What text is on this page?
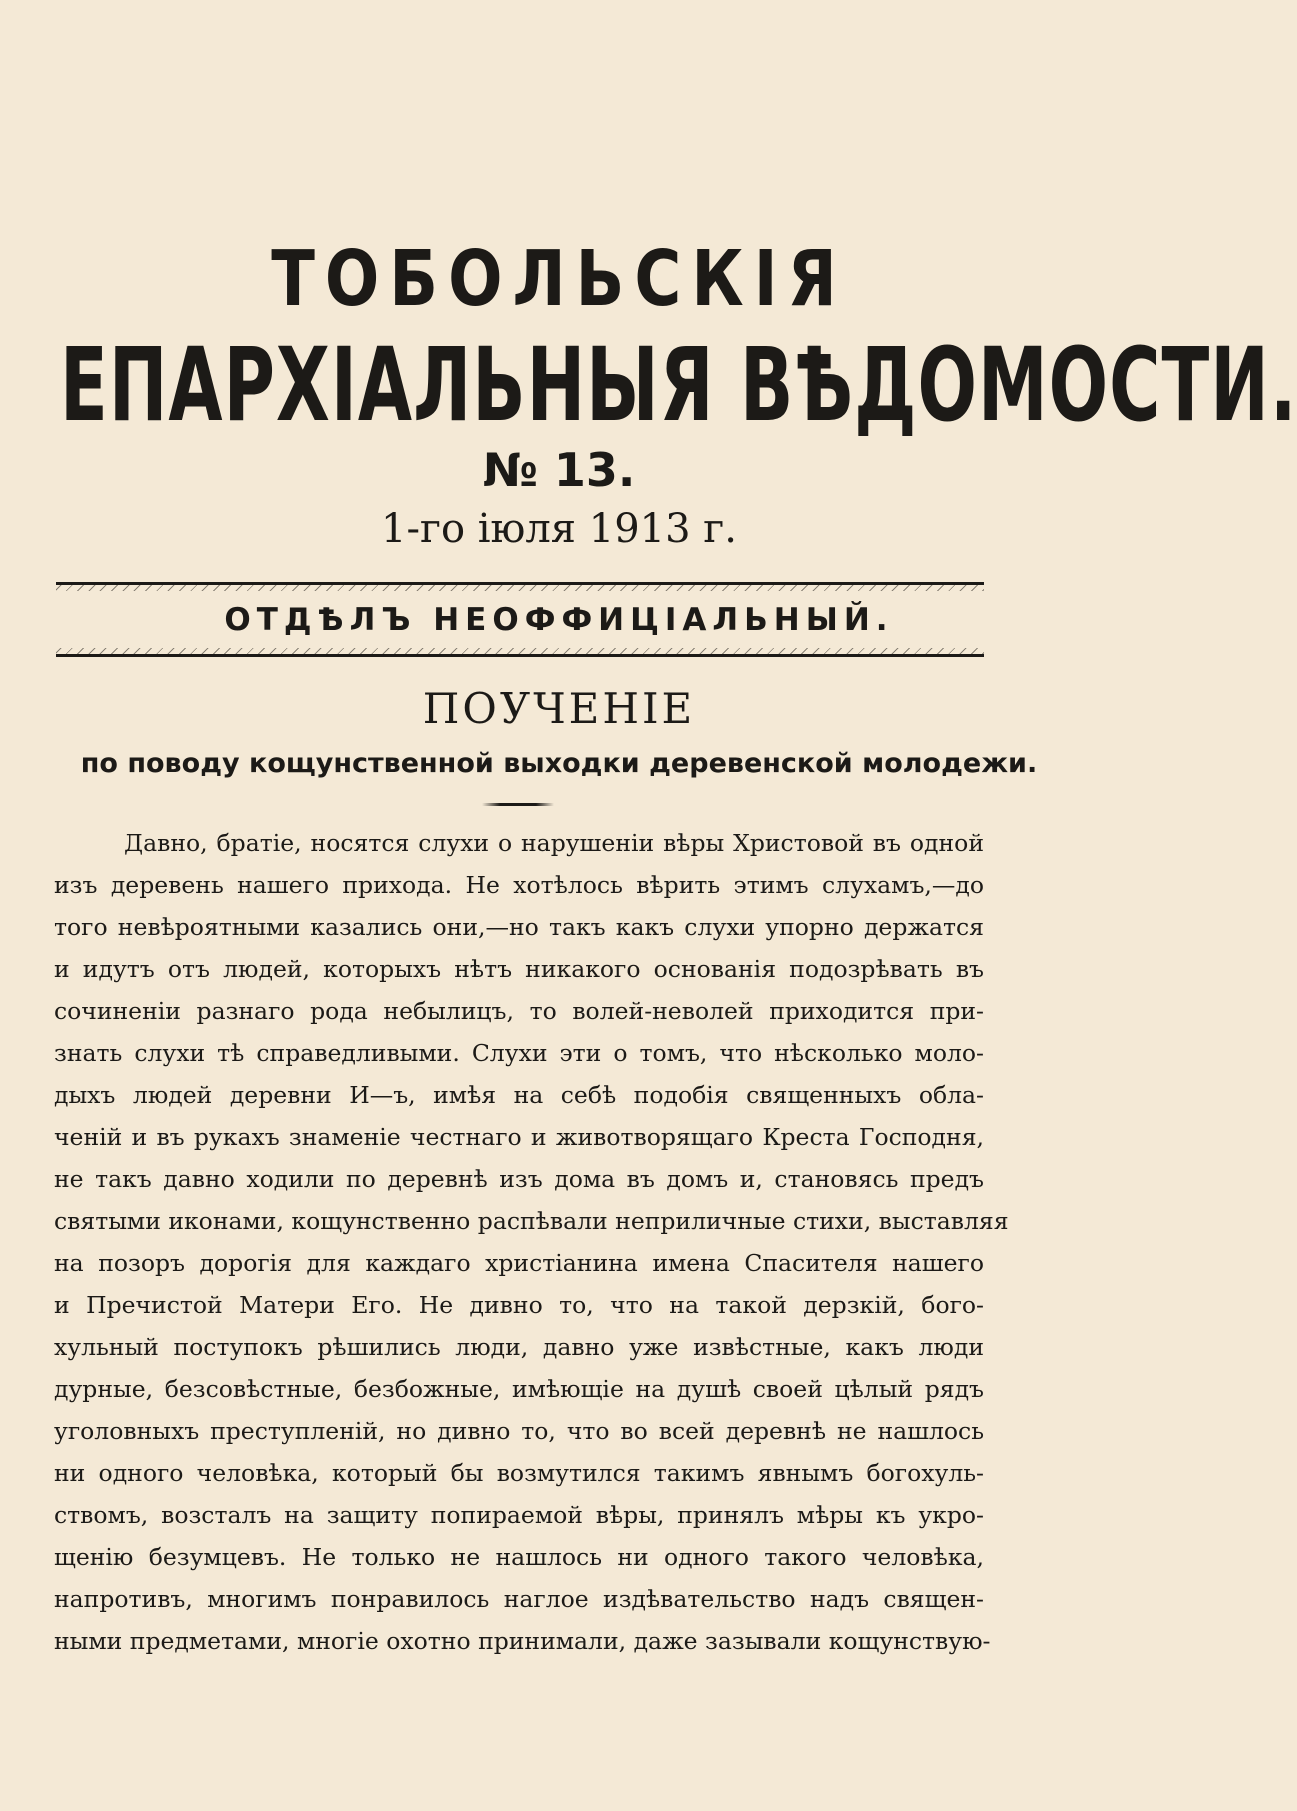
ТОБОЛЬСКІЯ
ЕПАРХІАЛЬНЫЯ ВѢДОМОСТИ.
№ 13.
1-го іюля 1913 г.
ОТДѢЛЪ НЕОФФИЦІАЛЬНЫЙ.
ПОУЧЕНІЕ
по поводу кощунственной выходки деревенской молодежи.
Давно, братіе, носятся слухи о нарушеніи вѣры Христовой въ одной
изъ деревень нашего прихода. Не хотѣлось вѣрить этимъ слухамъ,—до
того невѣроятными казались они,—но такъ какъ слухи упорно держатся
и идутъ отъ людей, которыхъ нѣтъ никакого основанія подозрѣвать въ
сочиненіи разнаго рода небылицъ, то волей-неволей приходится при-
знать слухи тѣ справедливыми. Слухи эти о томъ, что нѣсколько моло-
дыхъ людей деревни И—ъ, имѣя на себѣ подобія священныхъ обла-
ченій и въ рукахъ знаменіе честнаго и животворящаго Креста Господня,
не такъ давно ходили по деревнѣ изъ дома въ домъ и, становясь предъ
святыми иконами, кощунственно распѣвали неприличные стихи, выставляя
на позоръ дорогія для каждаго христіанина имена Спасителя нашего
и Пречистой Матери Его. Не дивно то, что на такой дерзкій, бого-
хульный поступокъ рѣшились люди, давно уже извѣстные, какъ люди
дурные, безсовѣстные, безбожные, имѣющіе на душѣ своей цѣлый рядъ
уголовныхъ преступленій, но дивно то, что во всей деревнѣ не нашлось
ни одного человѣка, который бы возмутился такимъ явнымъ богохуль-
ствомъ, возсталъ на защиту попираемой вѣры, принялъ мѣры къ укро-
щенію безумцевъ. Не только не нашлось ни одного такого человѣка,
напротивъ, многимъ понравилось наглое издѣвательство надъ священ-
ными предметами, многіе охотно принимали, даже зазывали кощунствую-
